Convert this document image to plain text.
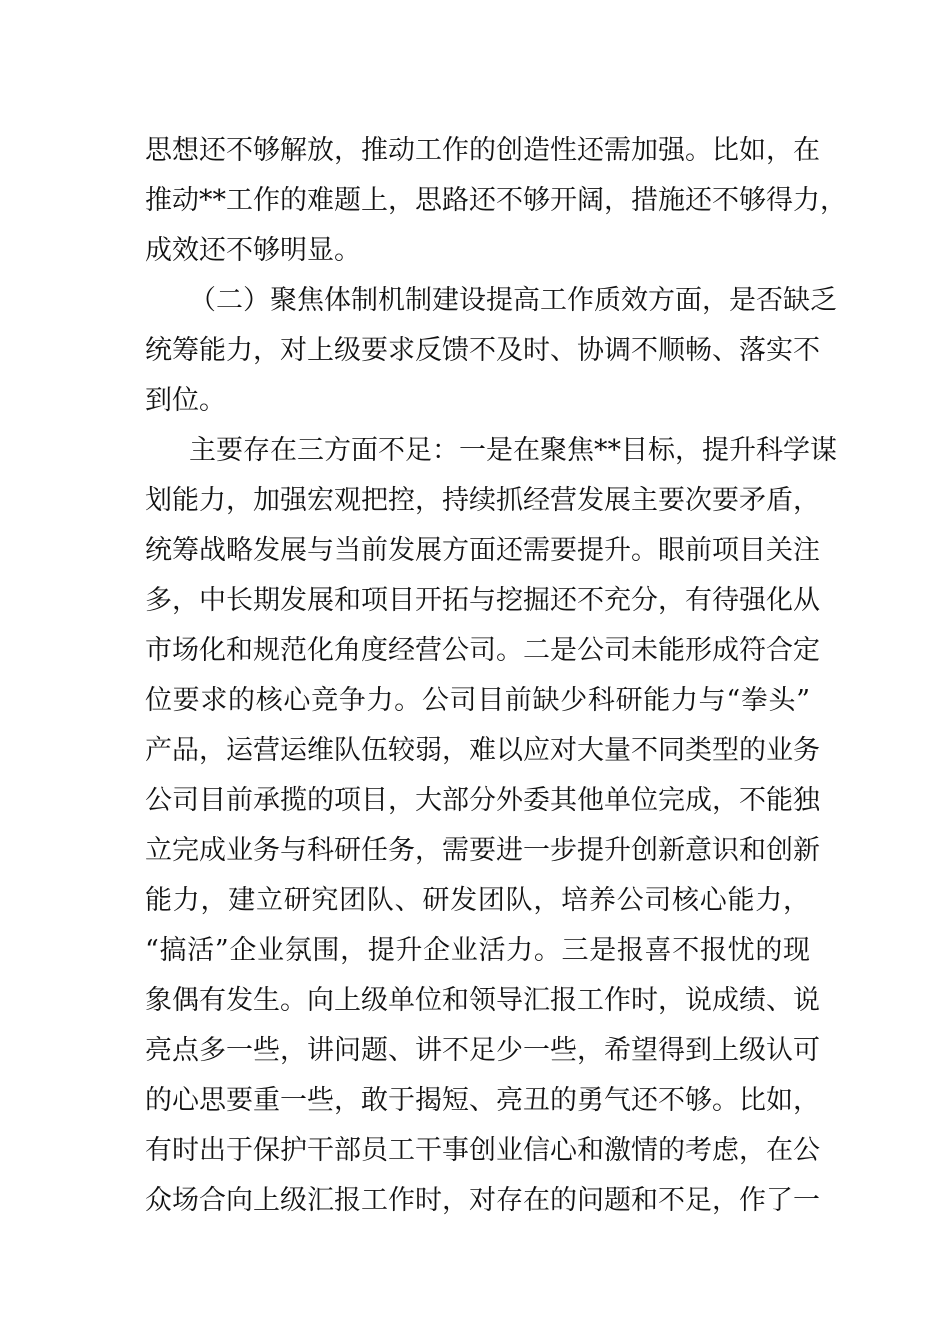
思想还不够解放，推动工作的创造性还需加强。比如，在
推动**工作的难题上，思路还不够开阔，措施还不够得力，
成效还不够明显。
（二）聚焦体制机制建设提高工作质效方面，是否缺乏
统筹能力，对上级要求反馈不及时、协调不顺畅、落实不
到位。
主要存在三方面不足：一是在聚焦**目标，提升科学谋
划能力，加强宏观把控，持续抓经营发展主要次要矛盾，
统筹战略发展与当前发展方面还需要提升。眼前项目关注
多，中长期发展和项目开拓与挖掘还不充分，有待强化从
市场化和规范化角度经营公司。二是公司未能形成符合定
位要求的核心竞争力。公司目前缺少科研能力与“拳头”
产品，运营运维队伍较弱，难以应对大量不同类型的业务
公司目前承揽的项目，大部分外委其他单位完成，不能独
立完成业务与科研任务，需要进一步提升创新意识和创新
能力，建立研究团队、研发团队，培养公司核心能力，
“搞活”企业氛围，提升企业活力。三是报喜不报忧的现
象偶有发生。向上级单位和领导汇报工作时，说成绩、说
亮点多一些，讲问题、讲不足少一些，希望得到上级认可
的心思要重一些，敢于揭短、亮丑的勇气还不够。比如，
有时出于保护干部员工干事创业信心和激情的考虑，在公
众场合向上级汇报工作时，对存在的问题和不足，作了一
